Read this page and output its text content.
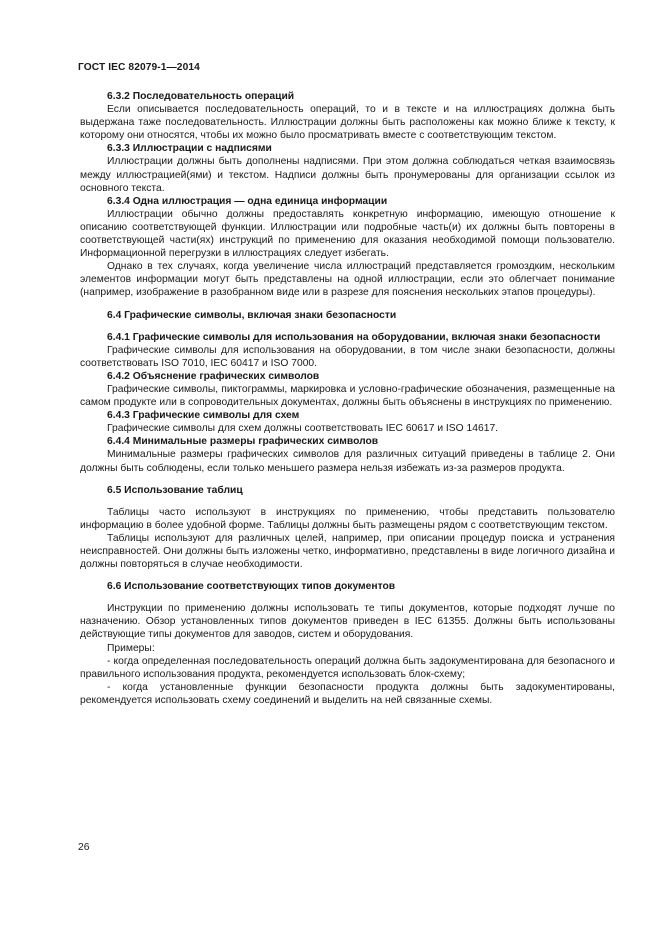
ГОСТ IEC 82079-1—2014

6.3.2 Последовательность операций

Если описывается последовательность операций, то и в тексте и на иллюстрациях должна быть выдержана таже последовательность. Иллюстрации должны быть расположены как можно ближе к тексту, к которому они относятся, чтобы их можно было просматривать вместе с соответствующим текстом.

6.3.3 Иллюстрации с надписями

Иллюстрации должны быть дополнены надписями. При этом должна соблюдаться четкая взаимосвязь между иллюстрацией(ями) и текстом. Надписи должны быть пронумерованы для организации ссылок из основного текста.

6.3.4 Одна иллюстрация — одна единица информации

Иллюстрации обычно должны предоставлять конкретную информацию, имеющую отношение к описанию соответствующей функции. Иллюстрации или подробные часть(и) их должны быть повторены в соответствующей части(ях) инструкций по применению для оказания необходимой помощи пользователю. Информационной перегрузки в иллюстрациях следует избегать.

Однако в тех случаях, когда увеличение числа иллюстраций представляется громоздким, нескольким элементов информации могут быть представлены на одной иллюстрации, если это облегчает понимание (например, изображение в разобранном виде или в разрезе для пояснения нескольких этапов процедуры).

6.4 Графические символы, включая знаки безопасности

6.4.1 Графические символы для использования на оборудовании, включая знаки безопасности

Графические символы для использования на оборудовании, в том числе знаки безопасности, должны соответствовать ISO 7010, IEC 60417 и ISO 7000.

6.4.2 Объяснение графических символов

Графические символы, пиктограммы, маркировка и условно-графические обозначения, размещенные на самом продукте или в сопроводительных документах, должны быть объяснены в инструкциях по применению.

6.4.3 Графические символы для схем

Графические символы для схем должны соответствовать IEC 60617 и ISO 14617.

6.4.4 Минимальные размеры графических символов

Минимальные размеры графических символов для различных ситуаций приведены в таблице 2. Они должны быть соблюдены, если только меньшего размера нельзя избежать из-за размеров продукта.

6.5 Использование таблиц

Таблицы часто используют в инструкциях по применению, чтобы представить пользователю информацию в более удобной форме. Таблицы должны быть размещены рядом с соответствующим текстом.

Таблицы используют для различных целей, например, при описании процедур поиска и устранения неисправностей. Они должны быть изложены четко, информативно, представлены в виде логичного дизайна и должны повторяться в случае необходимости.

6.6 Использование соответствующих типов документов

Инструкции по применению должны использовать те типы документов, которые подходят лучше по назначению. Обзор установленных типов документов приведен в IEC 61355. Должны быть использованы действующие типы документов для заводов, систем и оборудования.

Примеры:

- когда определенная последовательность операций должна быть задокументирована для безопасного и правильного использования продукта, рекомендуется использовать блок-схему;

- когда установленные функции безопасности продукта должны быть задокументированы, рекомендуется использовать схему соединений и выделить на ней связанные схемы.

26
